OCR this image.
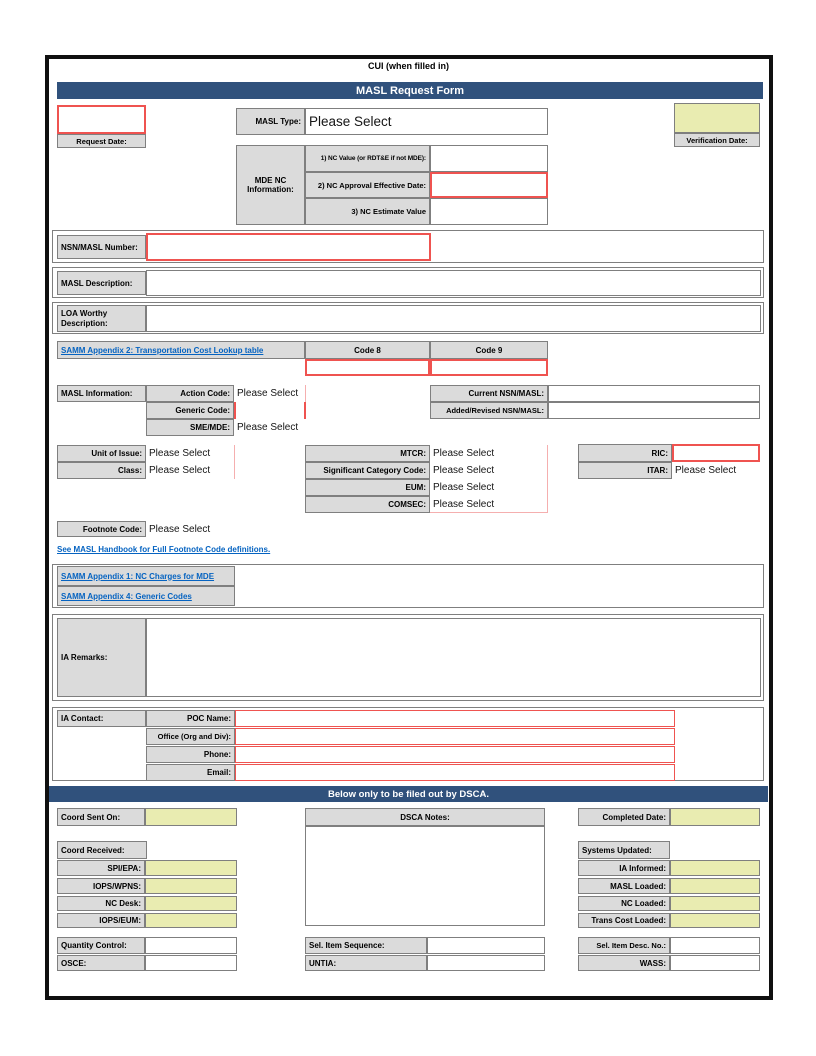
CUI (when filled in)
MASL Request Form
Request Date:
MASL Type: Please Select
Verification Date:
MDE NC Information:
1) NC Value (or RDT&E if not MDE):
2) NC Approval Effective Date:
3) NC Estimate Value
NSN/MASL Number:
MASL Description:
LOA Worthy Description:
SAMM Appendix 2: Transportation Cost Lookup table	Code 8	Code 9
MASL Information:	Action Code: Please Select
Generic Code:
SME/MDE: Please Select
Current NSN/MASL:
Added/Revised NSN/MASL:
Unit of Issue: Please Select
Class: Please Select
MTCR: Please Select
Significant Category Code: Please Select
EUM: Please Select
COMSEC: Please Select
RIC:
ITAR: Please Select
Footnote Code: Please Select
See MASL Handbook for Full Footnote Code definitions.
SAMM Appendix 1: NC Charges for MDE
SAMM Appendix 4: Generic Codes
IA Remarks:
IA Contact:	POC Name:
Office (Org and Div):
Phone:
Email:
Below only to be filed out by DSCA.
Coord Sent On:
Coord Received:
SPI/EPA:
IOPS/WPNS:
NC Desk:
IOPS/EUM:
Quantity Control:
OSCE:
DSCA Notes:
Sel. Item Sequence:
UNTIA:
Completed Date:
Systems Updated:
IA Informed:
MASL Loaded:
NC Loaded:
Trans Cost Loaded:
Sel. Item Desc. No.:
WASS:
